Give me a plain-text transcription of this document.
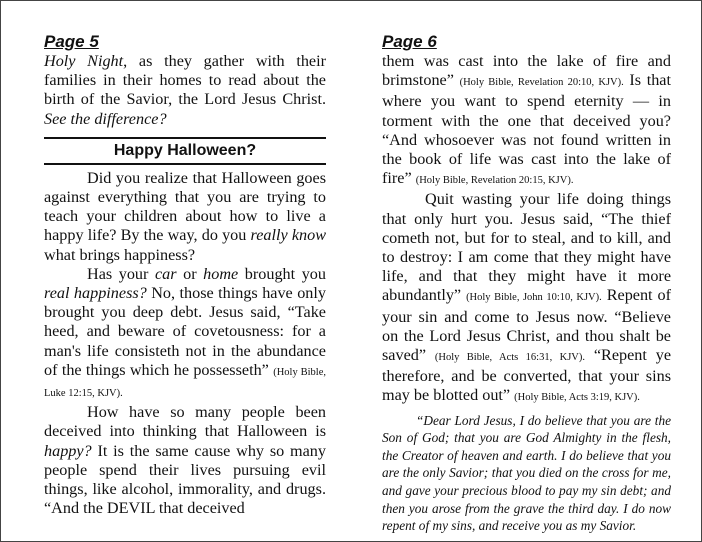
Page 5

Holy Night, as they gather with their families in their homes to read about the birth of the Savior, the Lord Jesus Christ. See the difference?

Happy Halloween?

Did you realize that Halloween goes against everything that you are trying to teach your children about how to live a happy life? By the way, do you really know what brings happiness?

Has your car or home brought you real happiness? No, those things have only brought you deep debt. Jesus said, “Take heed, and beware of covetousness: for a man's life consisteth not in the abundance of the things which he possesseth” (Holy Bible, Luke 12:15, KJV).

How have so many people been deceived into thinking that Halloween is happy? It is the same cause why so many people spend their lives pursuing evil things, like alcohol, immorality, and drugs. “And the DEVIL that deceived

Page 6

them was cast into the lake of fire and brimstone” (Holy Bible, Revelation 20:10, KJV). Is that where you want to spend eternity — in torment with the one that deceived you? “And whosoever was not found written in the book of life was cast into the lake of fire” (Holy Bible, Revelation 20:15, KJV).

Quit wasting your life doing things that only hurt you. Jesus said, “The thief cometh not, but for to steal, and to kill, and to destroy: I am come that they might have life, and that they might have it more abundantly” (Holy Bible, John 10:10, KJV). Repent of your sin and come to Jesus now. “Believe on the Lord Jesus Christ, and thou shalt be saved” (Holy Bible, Acts 16:31, KJV). “Repent ye therefore, and be converted, that your sins may be blotted out” (Holy Bible, Acts 3:19, KJV).

“Dear Lord Jesus, I do believe that you are the Son of God; that you are God Almighty in the flesh, the Creator of heaven and earth. I do believe that you are the only Savior; that you died on the cross for me, and gave your precious blood to pay my sin debt; and then you arose from the grave the third day. I do now repent of my sins, and receive you as my Savior.
